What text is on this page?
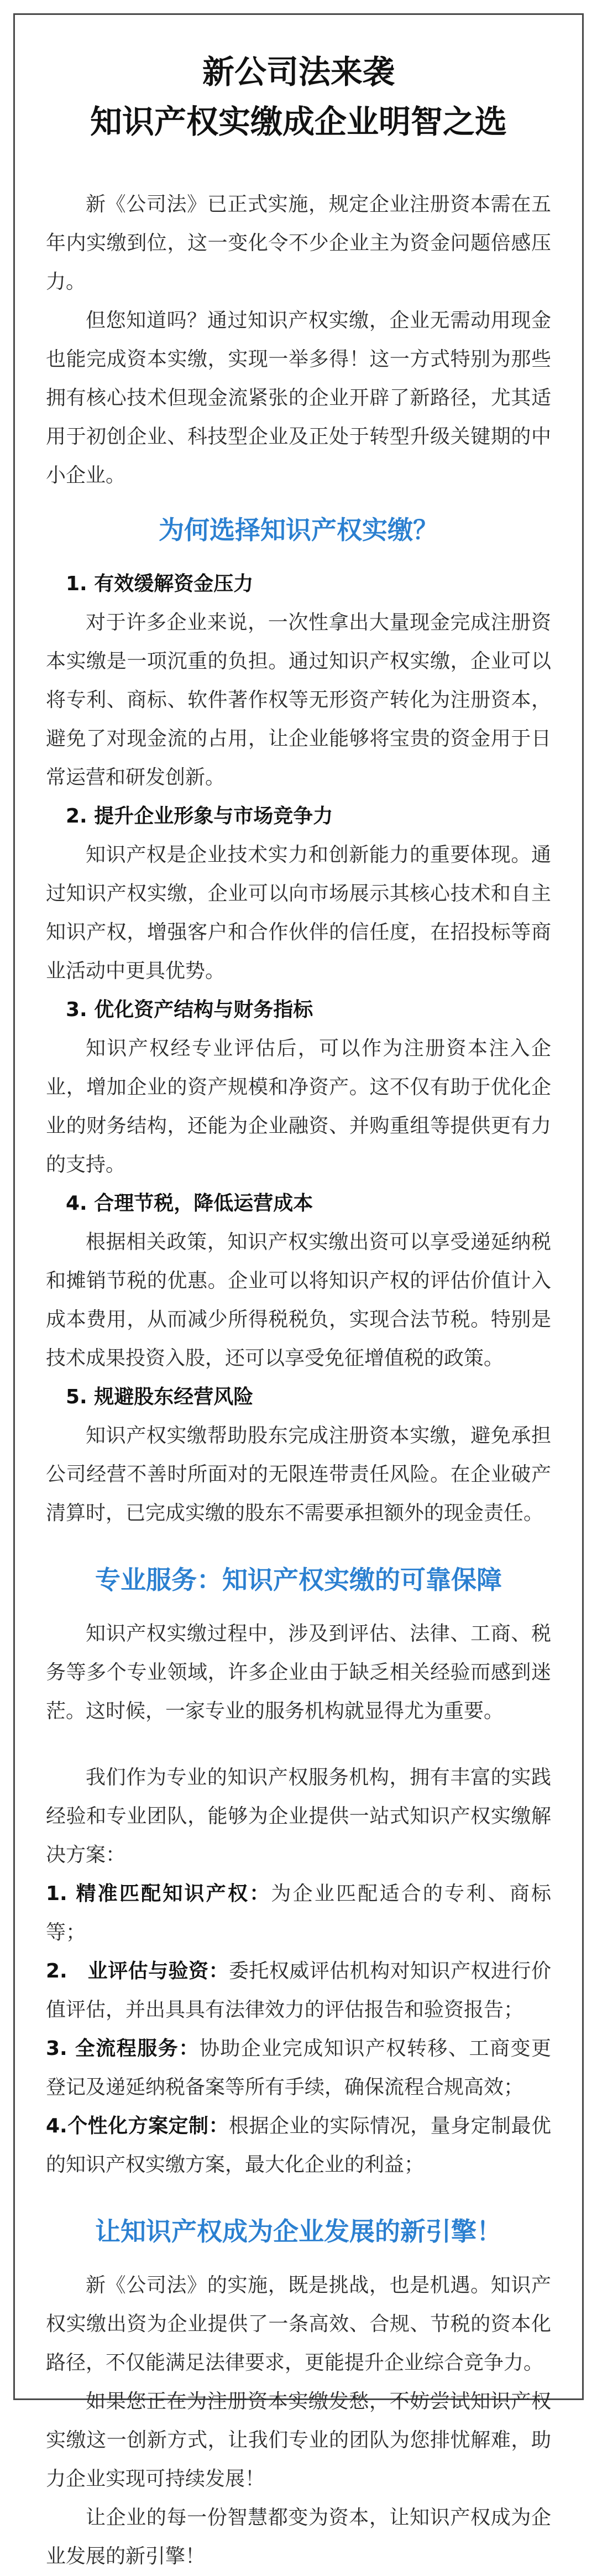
新公司法来袭
知识产权实缴成企业明智之选

新《公司法》已正式实施，规定企业注册资本需在五年内实缴到位，这一变化令不少企业主为资金问题倍感压力。

但您知道吗？通过知识产权实缴，企业无需动用现金也能完成资本实缴，实现一举多得！这一方式特别为那些拥有核心技术但现金流紧张的企业开辟了新路径，尤其适用于初创企业、科技型企业及正处于转型升级关键期的中小企业。

为何选择知识产权实缴？
1. 有效缓解资金压力

对于许多企业来说，一次性拿出大量现金完成注册资本实缴是一项沉重的负担。通过知识产权实缴，企业可以将专利、商标、软件著作权等无形资产转化为注册资本，避免了对现金流的占用，让企业能够将宝贵的资金用于日常运营和研发创新。

2. 提升企业形象与市场竞争力

知识产权是企业技术实力和创新能力的重要体现。通过知识产权实缴，企业可以向市场展示其核心技术和自主知识产权，增强客户和合作伙伴的信任度，在招投标等商业活动中更具优势。

3. 优化资产结构与财务指标

知识产权经专业评估后，可以作为注册资本注入企业，增加企业的资产规模和净资产。这不仅有助于优化企业的财务结构，还能为企业融资、并购重组等提供更有力的支持。

4. 合理节税，降低运营成本

根据相关政策，知识产权实缴出资可以享受递延纳税和摊销节税的优惠。企业可以将知识产权的评估价值计入成本费用，从而减少所得税税负，实现合法节税。特别是技术成果投资入股，还可以享受免征增值税的政策。

5. 规避股东经营风险

知识产权实缴帮助股东完成注册资本实缴，避免承担公司经营不善时所面对的无限连带责任风险。在企业破产清算时，已完成实缴的股东不需要承担额外的现金责任。

专业服务：知识产权实缴的可靠保障

知识产权实缴过程中，涉及到评估、法律、工商、税务等多个专业领域，许多企业由于缺乏相关经验而感到迷茫。这时候，一家专业的服务机构就显得尤为重要。

我们作为专业的知识产权服务机构，拥有丰富的实践经验和专业团队，能够为企业提供一站式知识产权实缴解决方案：

1. 精准匹配知识产权：为企业匹配适合的专利、商标等；

2.　业评估与验资：委托权威评估机构对知识产权进行价值评估，并出具具有法律效力的评估报告和验资报告；

3. 全流程服务：协助企业完成知识产权转移、工商变更登记及递延纳税备案等所有手续，确保流程合规高效；

4.个性化方案定制：根据企业的实际情况，量身定制最优的知识产权实缴方案，最大化企业的利益；

让知识产权成为企业发展的新引擎！

新《公司法》的实施，既是挑战，也是机遇。知识产权实缴出资为企业提供了一条高效、合规、节税的资本化路径，不仅能满足法律要求，更能提升企业综合竞争力。

如果您正在为注册资本实缴发愁，不妨尝试知识产权实缴这一创新方式，让我们专业的团队为您排忧解难，助力企业实现可持续发展！

让企业的每一份智慧都变为资本，让知识产权成为企业发展的新引擎！
